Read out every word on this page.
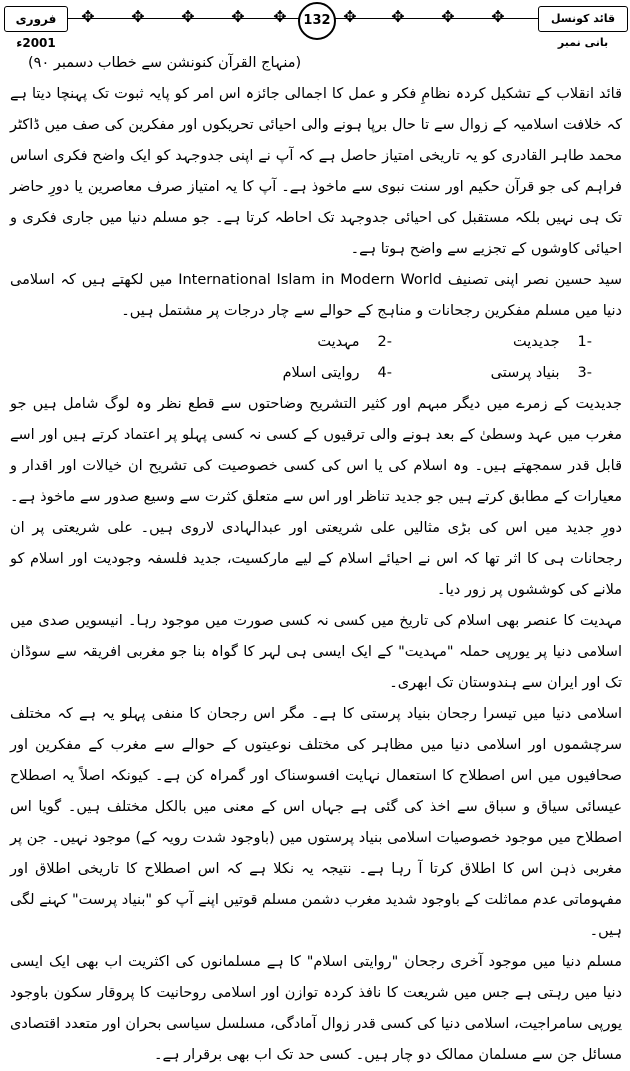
فروری 2001ء
✥ ✥ ✥ ✥ ✥	132 ✥ ✥ ✥ ✥	قائد کونسل بانی نمبر

(منہاج القرآن کنونشن سے خطاب دسمبر ۹۰)

قائد انقلاب کے تشکیل کردہ نظامِ فکر و عمل کا اجمالی جائزہ اس امر کو پایہ ثبوت تک پہنچا دیتا ہے کہ خلافت اسلامیہ کے زوال سے تا حال برپا ہونے والی احیائی تحریکوں اور مفکرین کی صف میں ڈاکٹر محمد طاہر القادری کو یہ تاریخی امتیاز حاصل ہے کہ آپ نے اپنی جدوجہد کو ایک واضح فکری اساس فراہم کی جو قرآن حکیم اور سنت نبوی سے ماخوذ ہے۔ آپ کا یہ امتیاز صرف معاصرین یا دورِ حاضر تک ہی نہیں بلکہ مستقبل کی احیائی جدوجہد تک احاطہ کرتا ہے۔ جو مسلم دنیا میں جاری فکری و احیائی کاوشوں کے تجزیے سے واضح ہوتا ہے۔

سید حسین نصر اپنی تصنیف International Islam in Modern World میں لکھتے ہیں کہ اسلامی دنیا میں مسلم مفکرین رجحانات و مناہج کے حوالے سے چار درجات پر مشتمل ہیں۔

-1جدیدیت
-2مہدیت
-3بنیاد پرستی
-4روایتی اسلام

جدیدیت کے زمرے میں دیگر مبہم اور کثیر التشریح وضاحتوں سے قطع نظر وہ لوگ شامل ہیں جو مغرب میں عہد وسطیٰ کے بعد ہونے والی ترقیوں کے کسی نہ کسی پہلو پر اعتماد کرتے ہیں اور اسے قابل قدر سمجھتے ہیں۔ وہ اسلام کی یا اس کی کسی خصوصیت کی تشریح ان خیالات اور اقدار و معیارات کے مطابق کرتے ہیں جو جدید تناظر اور اس سے متعلق کثرت سے وسیع صدور سے ماخوذ ہے۔ دورِ جدید میں اس کی بڑی مثالیں علی شریعتی اور عبدالہادی لاروی ہیں۔ علی شریعتی پر ان رجحانات ہی کا اثر تھا کہ اس نے احیائے اسلام کے لیے مارکسیت، جدید فلسفہ وجودیت اور اسلام کو ملانے کی کوششوں پر زور دیا۔

مہدیت کا عنصر بھی اسلام کی تاریخ میں کسی نہ کسی صورت میں موجود رہا۔ انیسویں صدی میں اسلامی دنیا پر یورپی حملہ "مہدیت" کے ایک ایسی ہی لہر کا گواہ بنا جو مغربی افریقہ سے سوڈان تک اور ایران سے ہندوستان تک ابھری۔

اسلامی دنیا میں تیسرا رجحان بنیاد پرستی کا ہے۔ مگر اس رجحان کا منفی پہلو یہ ہے کہ مختلف سرچشموں اور اسلامی دنیا میں مظاہر کی مختلف نوعیتوں کے حوالے سے مغرب کے مفکرین اور صحافیوں میں اس اصطلاح کا استعمال نہایت افسوسناک اور گمراہ کن ہے۔ کیونکہ اصلاً یہ اصطلاح عیسائی سیاق و سباق سے اخذ کی گئی ہے جہاں اس کے معنی میں بالکل مختلف ہیں۔ گویا اس اصطلاح میں موجود خصوصیات اسلامی بنیاد پرستوں میں (باوجود شدت رویہ کے) موجود نہیں۔ جن پر مغربی ذہن اس کا اطلاق کرتا آ رہا ہے۔ نتیجہ یہ نکلا ہے کہ اس اصطلاح کا تاریخی اطلاق اور مفہوماتی عدم مماثلت کے باوجود شدید مغرب دشمن مسلم قوتیں اپنے آپ کو "بنیاد پرست" کہنے لگی ہیں۔

مسلم دنیا میں موجود آخری رجحان "روایتی اسلام" کا ہے مسلمانوں کی اکثریت اب بھی ایک ایسی دنیا میں رہتی ہے جس میں شریعت کا نافذ کردہ توازن اور اسلامی روحانیت کا پروقار سکون باوجود یورپی سامراجیت، اسلامی دنیا کی کسی قدر زوال آمادگی، مسلسل سیاسی بحران اور متعدد اقتصادی مسائل جن سے مسلمان ممالک دو چار ہیں۔ کسی حد تک اب بھی برقرار ہے۔
